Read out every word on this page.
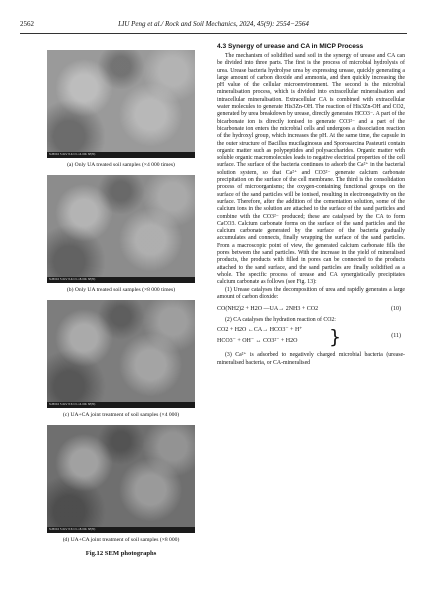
2562	LIU Peng et al./ Rock and Soil Mechanics, 2024, 45(9): 2554−2564
SU8010 5.0kV 8.4mm x4.00k SE(M)
(a) Only UA treated soil samples (×4 000 times)
SU8010 5.0kV 8.4mm x8.00k SE(M)
(b) Only UA treated soil samples (×8 000 times)
SU8010 5.0kV 8.5mm x4.00k SE(M)
(c) UA+CA joint treatment of soil samples (×4 000)
SU8010 5.0kV 8.5mm x8.00k SE(M)
(d) UA+CA joint treatment of soil samples (×8 000)
Fig.12 SEM photographs
4.3 Synergy of urease and CA in MICP Process

The mechanism of solidified sand soil in the synergy of urease and CA can be divided into three parts. The first is the process of microbial hydrolysis of urea. Urease bacteria hydrolyse urea by expressing urease, quickly generating a large amount of carbon dioxide and ammonia, and then quickly increasing the pH value of the cellular microenvironment. The second is the microbial mineralisation process, which is divided into extracellular mineralisation and intracellular mineralisation. Extracellular CA is combined with extracellular water molecules to generate His3Zn-OH. The reaction of His3Zn-OH and CO2, generated by urea breakdown by urease, directly generates HCO3⁻. A part of the bicarbonate ion is directly ionised to generate CO3²⁻ and a part of the bicarbonate ion enters the microbial cells and undergoes a dissociation reaction of the hydroxyl group, which increases the pH. At the same time, the capsule in the outer structure of Bacillus mucilaginosus and Sporosarcina Pasteurii contain organic matter such as polypeptides and polysaccharides. Organic matter with soluble organic macromolecules leads to negative electrical properties of the cell surface. The surface of the bacteria continues to adsorb the Ca²⁺ in the bacterial solution system, so that Ca²⁺ and CO3²⁻ generate calcium carbonate precipitation on the surface of the cell membrane. The third is the consolidation process of microorganisms; the oxygen-containing functional groups on the surface of the sand particles will be ionised, resulting in electronegativity on the surface. Therefore, after the addition of the cementation solution, some of the calcium ions in the solution are attached to the surface of the sand particles and combine with the CO3²⁻ produced; these are catalysed by the CA to form CaCO3. Calcium carbonate forms on the surface of the sand particles and the calcium carbonate generated by the surface of the bacteria gradually accumulates and connects, finally wrapping the surface of the sand particles. From a macroscopic point of view, the generated calcium carbonate fills the pores between the sand particles. With the increase in the yield of mineralised products, the products with filled in pores can be connected to the products attached to the sand surface, and the sand particles are finally solidified as a whole. The specific process of urease and CA synergistically precipitates calcium carbonate as follows (see Fig. 13):

(1) Urease catalyses the decomposition of urea and rapidly generates a large amount of carbon dioxide:

CO(NH2)2 + H2O —UA→ 2NH3 + CO2	(10)

(2) CA catalyses the hydration reaction of CO2:

CO2 + H2O ←CA→ HCO3⁻ + H⁺
HCO3⁻ + OH⁻ ↔ CO3²⁻ + H2O }	(11)

(3) Ca²⁺ is adsorbed to negatively charged microbial bacteria (urease-mineralised bacteria, or CA-mineralised
